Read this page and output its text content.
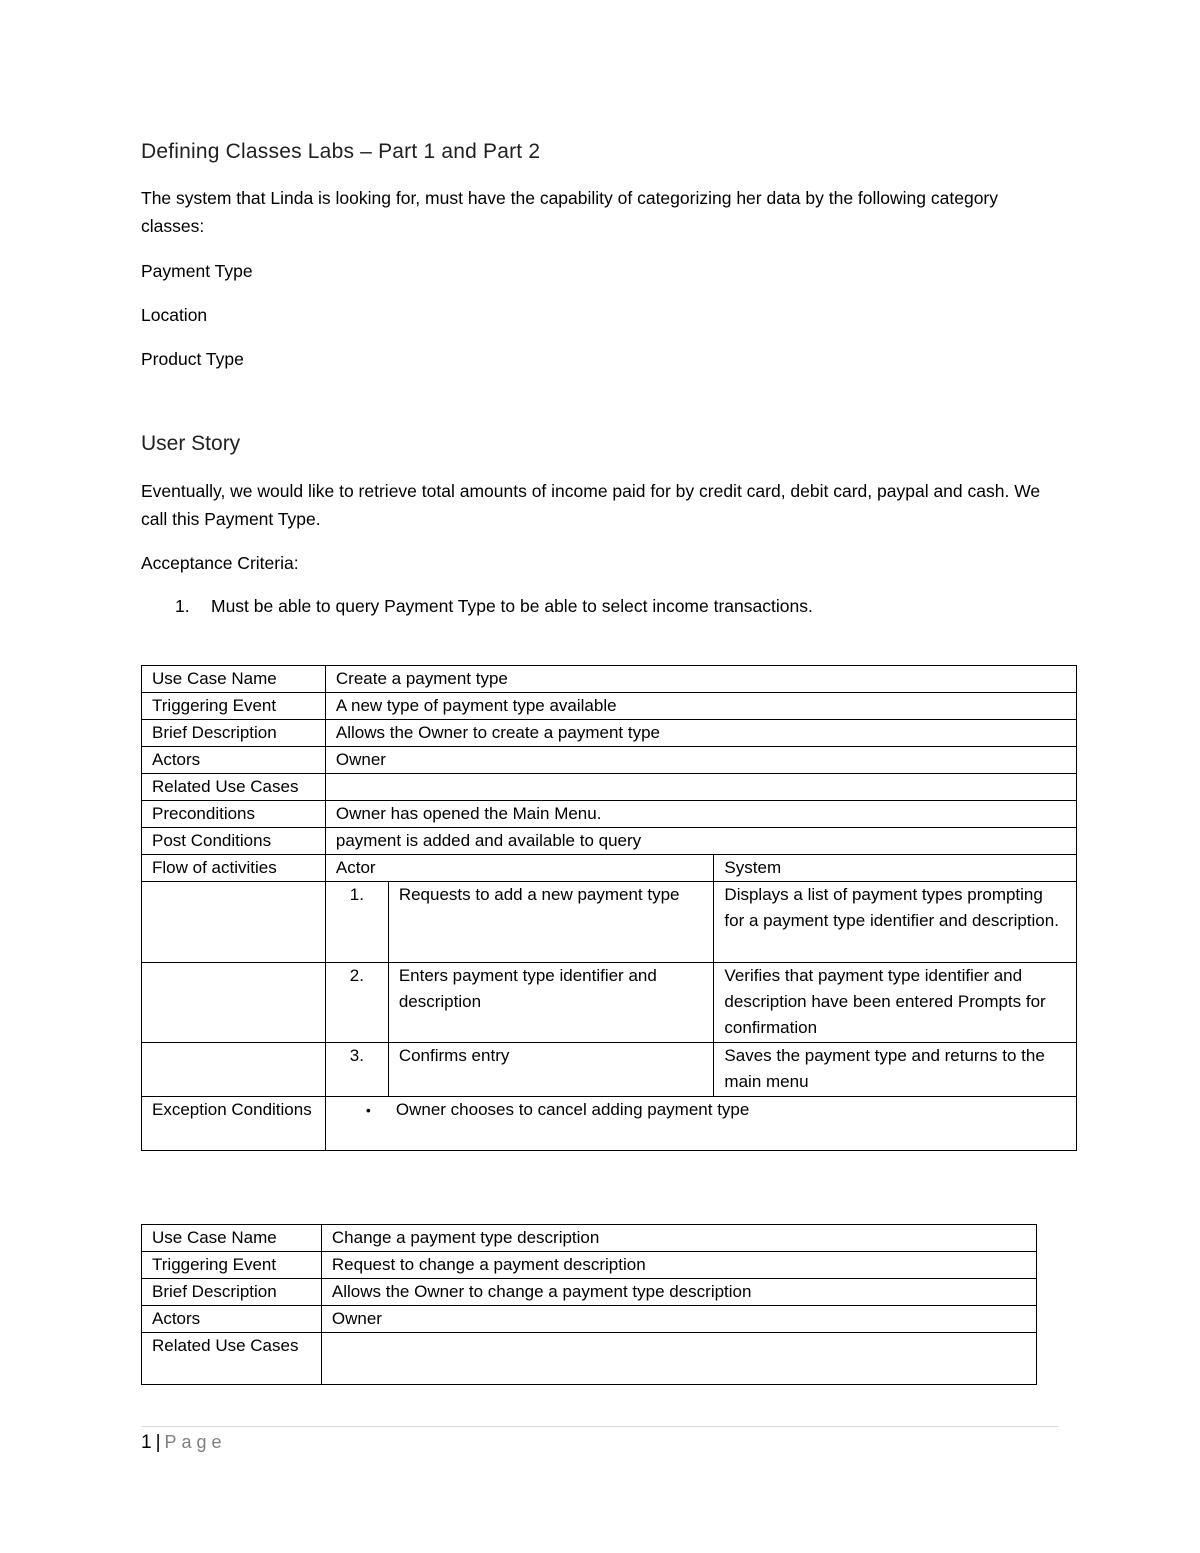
Defining Classes Labs – Part 1 and Part 2

The system that Linda is looking for, must have the capability of categorizing her data by the following category classes:

Payment Type

Location

Product Type

User Story

Eventually, we would like to retrieve total amounts of income paid for by credit card, debit card, paypal and cash. We call this Payment Type.

Acceptance Criteria:

1. Must be able to query Payment Type to be able to select income transactions.
Use Case Name	Create a payment type		
Triggering Event	A new type of payment type available		
Brief Description	Allows the Owner to create a payment type		
Actors	Owner		
Related Use Cases			
Preconditions	Owner has opened the Main Menu.		
Post Conditions	payment is added and available to query		
Flow of activities	Actor		System
	1.	Requests to add a new payment type	Displays a list of payment types prompting for a payment type identifier and description.
	2.	Enters payment type identifier and description	Verifies that payment type identifier and description have been entered Prompts for confirmation
	3.	Confirms entry	Saves the payment type and returns to the main menu
Exception Conditions	• Owner chooses to cancel adding payment type		
Use Case Name	Change a payment type description
Triggering Event	Request to change a payment description
Brief Description	Allows the Owner to change a payment type description
Actors	Owner
Related Use Cases	
1 | Page
